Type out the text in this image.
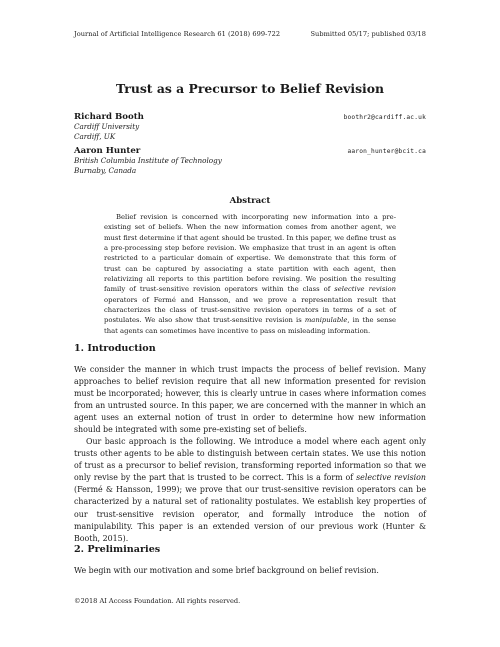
Journal of Artificial Intelligence Research 61 (2018) 699-722	Submitted 05/17; published 03/18
Trust as a Precursor to Belief Revision
Richard Booth	boothr2@cardiff.ac.uk
Cardiff University
Cardiff, UK
Aaron Hunter	aaron_hunter@bcit.ca
British Columbia Institute of Technology
Burnaby, Canada
Abstract

Belief revision is concerned with incorporating new information into a pre-existing set of beliefs. When the new information comes from another agent, we must first determine if that agent should be trusted. In this paper, we define trust as a pre-processing step before revision. We emphasize that trust in an agent is often restricted to a particular domain of expertise. We demonstrate that this form of trust can be captured by associating a state partition with each agent, then relativizing all reports to this partition before revising. We position the resulting family of trust-sensitive revision operators within the class of selective revision operators of Fermé and Hansson, and we prove a representation result that characterizes the class of trust-sensitive revision operators in terms of a set of postulates. We also show that trust-sensitive revision is manipulable, in the sense that agents can sometimes have incentive to pass on misleading information.

1. Introduction

We consider the manner in which trust impacts the process of belief revision. Many approaches to belief revision require that all new information presented for revision must be incorporated; however, this is clearly untrue in cases where information comes from an untrusted source. In this paper, we are concerned with the manner in which an agent uses an external notion of trust in order to determine how new information should be integrated with some pre-existing set of beliefs.

Our basic approach is the following. We introduce a model where each agent only trusts other agents to be able to distinguish between certain states. We use this notion of trust as a precursor to belief revision, transforming reported information so that we only revise by the part that is trusted to be correct. This is a form of selective revision (Fermé & Hansson, 1999); we prove that our trust-sensitive revision operators can be characterized by a natural set of rationality postulates. We establish key properties of our trust-sensitive revision operator, and formally introduce the notion of manipulability. This paper is an extended version of our previous work (Hunter & Booth, 2015).

2. Preliminaries

We begin with our motivation and some brief background on belief revision.

©2018 AI Access Foundation. All rights reserved.
